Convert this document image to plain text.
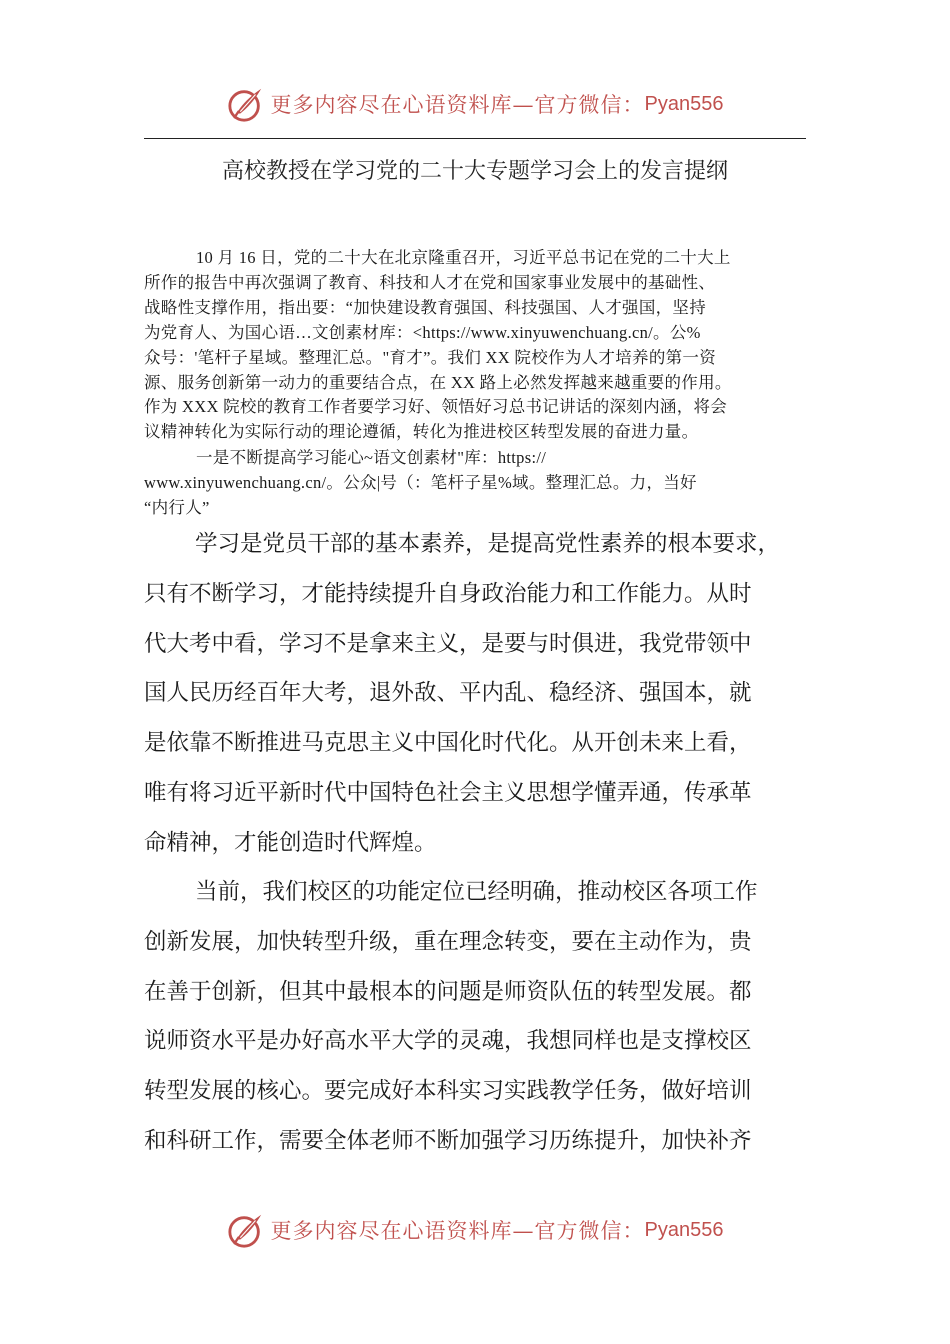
更多内容尽在心语资料库—官方微信： Pyan556
高校教授在学习党的二十大专题学习会上的发言提纲
10 月 16 日，党的二十大在北京隆重召开，习近平总书记在党的二十大上
所作的报告中再次强调了教育、科技和人才在党和国家事业发展中的基础性、
战略性支撑作用，指出要：“加快建设教育强国、科技强国、人才强国，坚持
为党育人、为国心语…文创素材库：<https://www.xinyuwenchuang.cn/。公%
众号：'笔杆子星域。整理汇总。"育才”。我们 XX 院校作为人才培养的第一资
源、服务创新第一动力的重要结合点，在 XX 路上必然发挥越来越重要的作用。
作为 XXX 院校的教育工作者要学习好、领悟好习总书记讲话的深刻内涵，将会
议精神转化为实际行动的理论遵循，转化为推进校区转型发展的奋进力量。
一是不断提高学习能心~语文创素材"库：https://
www.xinyuwenchuang.cn/。公众|号（：笔杆子星%域。整理汇总。力，当好
“内行人”
学习是党员干部的基本素养，是提高党性素养的根本要求，
只有不断学习，才能持续提升自身政治能力和工作能力。从时
代大考中看，学习不是拿来主义，是要与时俱进，我党带领中
国人民历经百年大考，退外敌、平内乱、稳经济、强国本，就
是依靠不断推进马克思主义中国化时代化。从开创未来上看，
唯有将习近平新时代中国特色社会主义思想学懂弄通，传承革
命精神，才能创造时代辉煌。
当前，我们校区的功能定位已经明确，推动校区各项工作
创新发展，加快转型升级，重在理念转变，要在主动作为，贵
在善于创新，但其中最根本的问题是师资队伍的转型发展。都
说师资水平是办好高水平大学的灵魂，我想同样也是支撑校区
转型发展的核心。要完成好本科实习实践教学任务，做好培训
和科研工作，需要全体老师不断加强学习历练提升，加快补齐
更多内容尽在心语资料库—官方微信： Pyan556
